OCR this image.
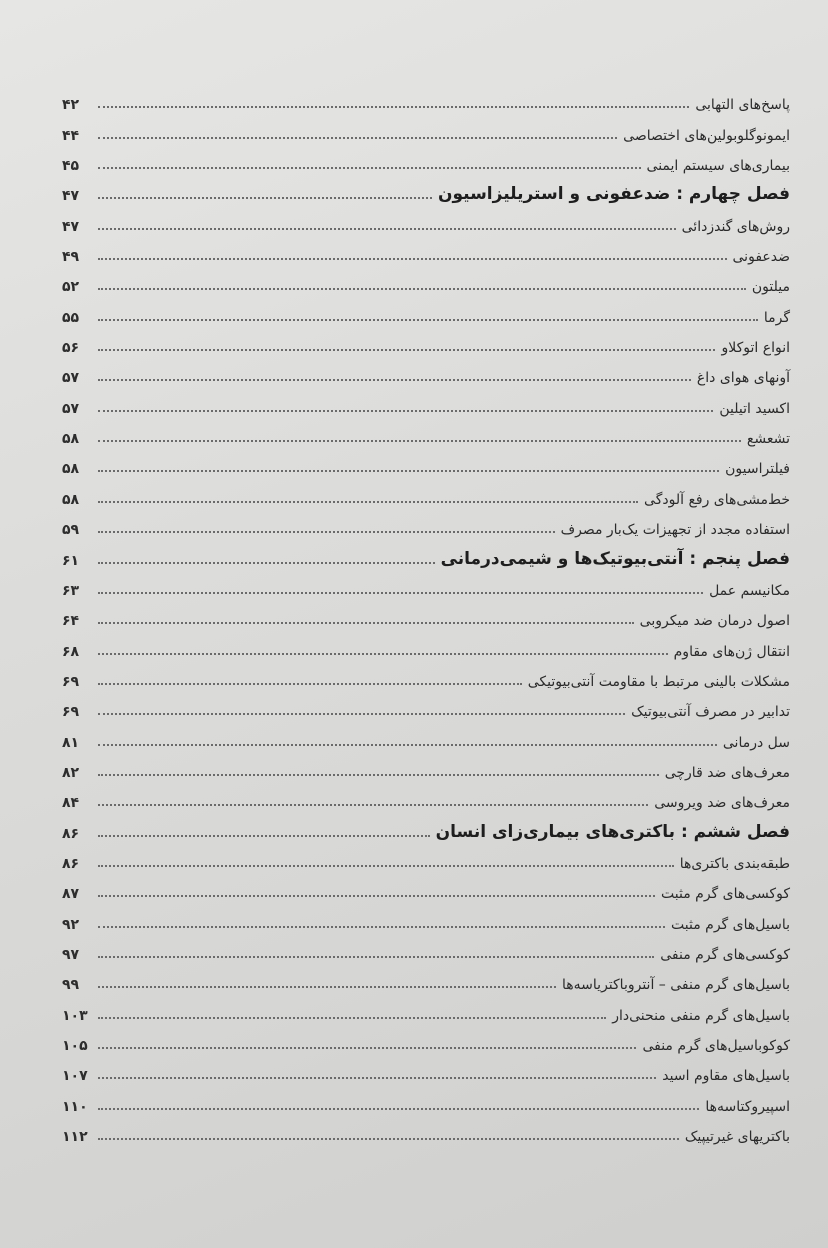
پاسخ‌های التهابی
۴۲
ایمونوگلوبولین‌های اختصاصی
۴۴
بیماری‌های سیستم ایمنی
۴۵
فصل چهارم : ضدعفونی و استریلیزاسیون
۴۷
روش‌های گندزدائی
۴۷
ضدعفونی
۴۹
میلتون
۵۲
گرما
۵۵
انواع اتوکلاو
۵۶
آونهای هوای داغ
۵۷
اکسید اتیلین
۵۷
تشعشع
۵۸
فیلتراسیون
۵۸
خط‌مشی‌های رفع آلودگی
۵۸
استفاده مجدد از تجهیزات یک‌بار مصرف
۵۹
فصل پنجم : آنتی‌بیوتیک‌ها و شیمی‌درمانی
۶۱
مکانیسم عمل
۶۳
اصول درمان ضد میکروبی
۶۴
انتقال ژن‌های مقاوم
۶۸
مشکلات بالینی مرتبط با مقاومت آنتی‌بیوتیکی
۶۹
تدابیر در مصرف آنتی‌بیوتیک
۶۹
سل درمانی
۸۱
معرف‌های ضد قارچی
۸۲
معرف‌های ضد ویروسی
۸۴
فصل ششم : باکتری‌های بیماری‌زای انسان
۸۶
طبقه‌بندی باکتری‌ها
۸۶
کوکسی‌های گرم مثبت
۸۷
باسیل‌های گرم مثبت
۹۲
کوکسی‌های گرم منفی
۹۷
باسیل‌های گرم منفی – آنتروباکتریاسه‌ها
۹۹
باسیل‌های گرم منفی منحنی‌دار
۱۰۳
کوکوباسیل‌های گرم منفی
۱۰۵
باسیل‌های مقاوم اسید
۱۰۷
اسپیروکتاسه‌ها
۱۱۰
باکتریهای غیرتیپیک
۱۱۲
